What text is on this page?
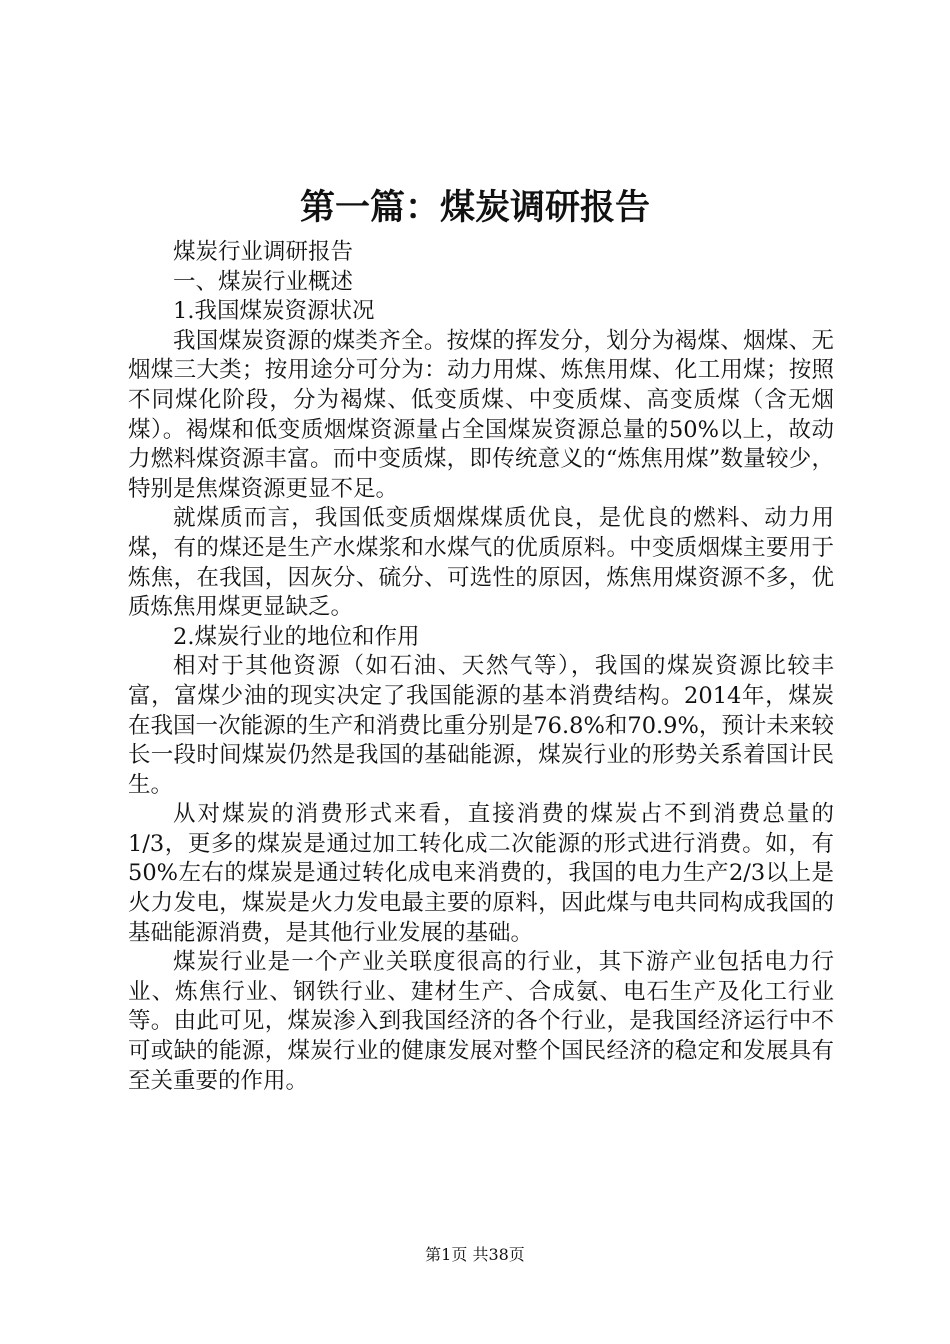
第一篇：煤炭调研报告

煤炭行业调研报告

一、煤炭行业概述

1.我国煤炭资源状况

我国煤炭资源的煤类齐全。按煤的挥发分，划分为褐煤、烟煤、无烟煤三大类；按用途分可分为：动力用煤、炼焦用煤、化工用煤；按照不同煤化阶段，分为褐煤、低变质煤、中变质煤、高变质煤（含无烟煤）。褐煤和低变质烟煤资源量占全国煤炭资源总量的50%以上，故动力燃料煤资源丰富。而中变质煤，即传统意义的“炼焦用煤”数量较少，特别是焦煤资源更显不足。

就煤质而言，我国低变质烟煤煤质优良，是优良的燃料、动力用煤，有的煤还是生产水煤浆和水煤气的优质原料。中变质烟煤主要用于炼焦，在我国，因灰分、硫分、可选性的原因，炼焦用煤资源不多，优质炼焦用煤更显缺乏。

2.煤炭行业的地位和作用

相对于其他资源（如石油、天然气等），我国的煤炭资源比较丰富，富煤少油的现实决定了我国能源的基本消费结构。2014年，煤炭在我国一次能源的生产和消费比重分别是76.8%和70.9%，预计未来较长一段时间煤炭仍然是我国的基础能源，煤炭行业的形势关系着国计民生。

从对煤炭的消费形式来看，直接消费的煤炭占不到消费总量的1/3，更多的煤炭是通过加工转化成二次能源的形式进行消费。如，有50%左右的煤炭是通过转化成电来消费的，我国的电力生产2/3以上是火力发电，煤炭是火力发电最主要的原料，因此煤与电共同构成我国的基础能源消费，是其他行业发展的基础。

煤炭行业是一个产业关联度很高的行业，其下游产业包括电力行业、炼焦行业、钢铁行业、建材生产、合成氨、电石生产及化工行业等。由此可见，煤炭渗入到我国经济的各个行业，是我国经济运行中不可或缺的能源，煤炭行业的健康发展对整个国民经济的稳定和发展具有至关重要的作用。

第1页 共38页
